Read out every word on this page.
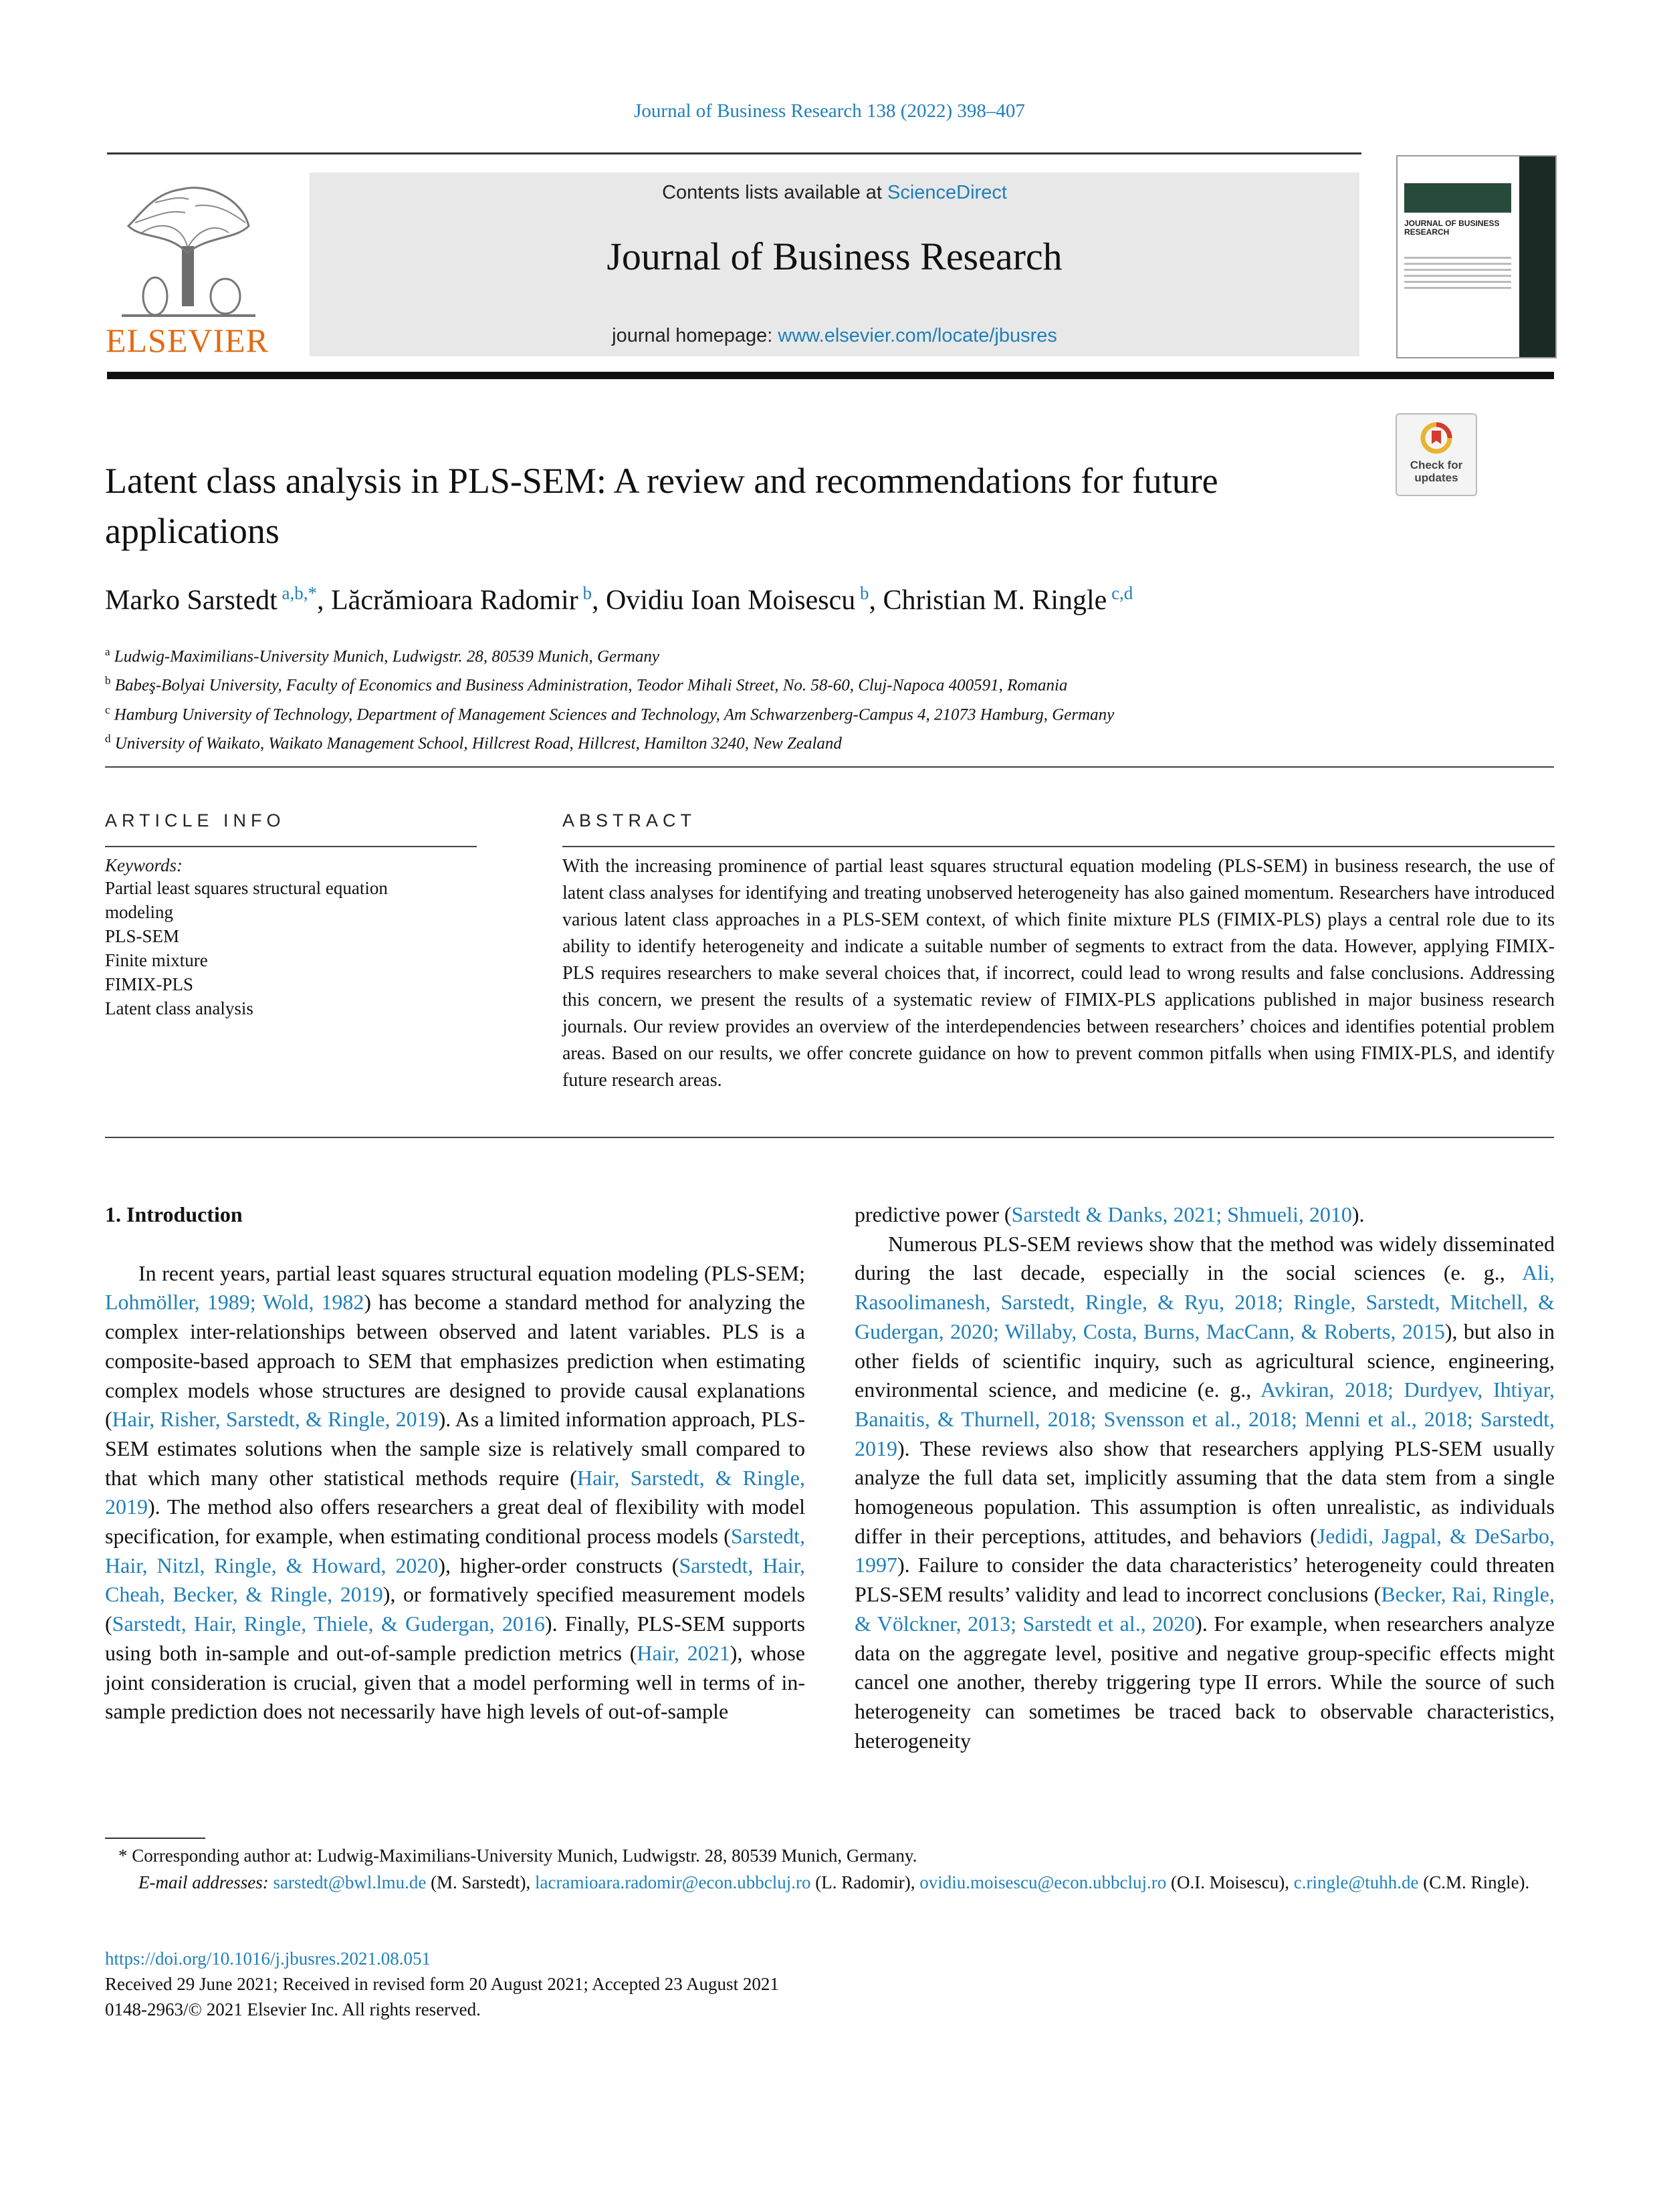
Journal of Business Research 138 (2022) 398–407
ELSEVIER
Contents lists available at ScienceDirect
Journal of Business Research
journal homepage: www.elsevier.com/locate/jbusres
JOURNAL OF BUSINESS RESEARCH
Check for updates
Latent class analysis in PLS-SEM: A review and recommendations for future applications
Marko Sarstedt $^{a,b,*}$, Lăcrămioara Radomir $^b$, Ovidiu Ioan Moisescu $^b$, Christian M. Ringle $^{c,d}$
$^a$ Ludwig-Maximilians-University Munich, Ludwigstr. 28, 80539 Munich, Germany
$^b$ Babeş-Bolyai University, Faculty of Economics and Business Administration, Teodor Mihali Street, No. 58-60, Cluj-Napoca 400591, Romania
$^c$ Hamburg University of Technology, Department of Management Sciences and Technology, Am Schwarzenberg-Campus 4, 21073 Hamburg, Germany
$^d$ University of Waikato, Waikato Management School, Hillcrest Road, Hillcrest, Hamilton 3240, New Zealand
ARTICLE INFO
Keywords:
Partial least squares structural equation
modeling
PLS-SEM
Finite mixture
FIMIX-PLS
Latent class analysis
ABSTRACT
With the increasing prominence of partial least squares structural equation modeling (PLS-SEM) in business research, the use of latent class analyses for identifying and treating unobserved heterogeneity has also gained momentum. Researchers have introduced various latent class approaches in a PLS-SEM context, of which finite mixture PLS (FIMIX-PLS) plays a central role due to its ability to identify heterogeneity and indicate a suitable number of segments to extract from the data. However, applying FIMIX-PLS requires researchers to make several choices that, if incorrect, could lead to wrong results and false conclusions. Addressing this concern, we present the results of a systematic review of FIMIX-PLS applications published in major business research journals. Our review provides an overview of the interdependencies between researchers’ choices and identifies potential problem areas. Based on our results, we offer concrete guidance on how to prevent common pitfalls when using FIMIX-PLS, and identify future research areas.
1. Introduction

In recent years, partial least squares structural equation modeling (PLS-SEM; Lohmöller, 1989; Wold, 1982) has become a standard method for analyzing the complex inter-relationships between observed and latent variables. PLS is a composite-based approach to SEM that emphasizes prediction when estimating complex models whose structures are designed to provide causal explanations (Hair, Risher, Sarstedt, & Ringle, 2019). As a limited information approach, PLS-SEM estimates solutions when the sample size is relatively small compared to that which many other statistical methods require (Hair, Sarstedt, & Ringle, 2019). The method also offers researchers a great deal of flexibility with model specification, for example, when estimating conditional process models (Sarstedt, Hair, Nitzl, Ringle, & Howard, 2020), higher-order constructs (Sarstedt, Hair, Cheah, Becker, & Ringle, 2019), or formatively specified measurement models (Sarstedt, Hair, Ringle, Thiele, & Gudergan, 2016). Finally, PLS-SEM supports using both in-sample and out-of-sample prediction metrics (Hair, 2021), whose joint consideration is crucial, given that a model performing well in terms of in-sample prediction does not necessarily have high levels of out-of-sample

predictive power (Sarstedt & Danks, 2021; Shmueli, 2010).

Numerous PLS-SEM reviews show that the method was widely disseminated during the last decade, especially in the social sciences (e. g., Ali, Rasoolimanesh, Sarstedt, Ringle, & Ryu, 2018; Ringle, Sarstedt, Mitchell, & Gudergan, 2020; Willaby, Costa, Burns, MacCann, & Roberts, 2015), but also in other fields of scientific inquiry, such as agricultural science, engineering, environmental science, and medicine (e. g., Avkiran, 2018; Durdyev, Ihtiyar, Banaitis, & Thurnell, 2018; Svensson et al., 2018; Menni et al., 2018; Sarstedt, 2019). These reviews also show that researchers applying PLS-SEM usually analyze the full data set, implicitly assuming that the data stem from a single homogeneous population. This assumption is often unrealistic, as individuals differ in their perceptions, attitudes, and behaviors (Jedidi, Jagpal, & DeSarbo, 1997). Failure to consider the data characteristics’ heterogeneity could threaten PLS-SEM results’ validity and lead to incorrect conclusions (Becker, Rai, Ringle, & Völckner, 2013; Sarstedt et al., 2020). For example, when researchers analyze data on the aggregate level, positive and negative group-specific effects might cancel one another, thereby triggering type II errors. While the source of such heterogeneity can sometimes be traced back to observable characteristics, heterogeneity

* Corresponding author at: Ludwig-Maximilians-University Munich, Ludwigstr. 28, 80539 Munich, Germany.
E-mail addresses: sarstedt@bwl.lmu.de (M. Sarstedt), lacramioara.radomir@econ.ubbcluj.ro (L. Radomir), ovidiu.moisescu@econ.ubbcluj.ro (O.I. Moisescu), c.ringle@tuhh.de (C.M. Ringle).
https://doi.org/10.1016/j.jbusres.2021.08.051
Received 29 June 2021; Received in revised form 20 August 2021; Accepted 23 August 2021
0148-2963/© 2021 Elsevier Inc. All rights reserved.
